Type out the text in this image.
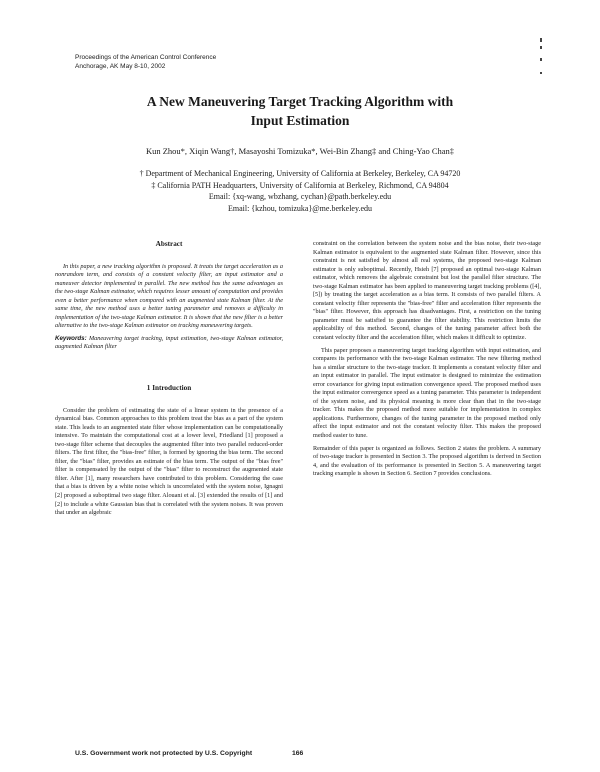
Proceedings of the American Control Conference
Anchorage, AK May 8-10, 2002
A New Maneuvering Target Tracking Algorithm with
Input Estimation
Kun Zhou*, Xiqin Wang†, Masayoshi Tomizuka*, Wei-Bin Zhang‡ and Ching-Yao Chan‡
† Department of Mechanical Engineering, University of California at Berkeley, Berkeley, CA 94720
‡ California PATH Headquarters, University of California at Berkeley, Richmond, CA 94804
Email: {xq-wang, wbzhang, cychan}@path.berkeley.edu
Email: {kzhou, tomizuka}@me.berkeley.edu
Abstract

In this paper, a new tracking algorithm is proposed. It treats the target acceleration as a nonrandom term, and consists of a constant velocity filter, an input estimator and a maneuver detector implemented in parallel. The new method has the same advantages as the two-stage Kalman estimator, which requires lesser amount of computation and provides even a better performance when compared with an augmented state Kalman filter. At the same time, the new method uses a better tuning parameter and removes a difficulty in implementation of the two-stage Kalman estimator. It is shown that the new filter is a better alternative to the two-stage Kalman estimator on tracking maneuvering targets.

Keywords: Maneuvering target tracking, input estimation, two-stage Kalman estimator, augmented Kalman filter

1 Introduction

Consider the problem of estimating the state of a linear system in the presence of a dynamical bias. Common approaches to this problem treat the bias as a part of the system state. This leads to an augmented state filter whose implementation can be computationally intensive. To maintain the computational cost at a lower level, Friedland [1] proposed a two-stage filter scheme that decouples the augmented filter into two parallel reduced-order filters. The first filter, the "bias-free" filter, is formed by ignoring the bias term. The second filter, the "bias" filter, provides an estimate of the bias term. The output of the "bias free" filter is compensated by the output of the "bias" filter to reconstruct the augmented state filter. After [1], many researchers have contributed to this problem. Considering the case that a bias is driven by a white noise which is uncorrelated with the system noise, Ignagni [2] proposed a suboptimal two stage filter. Alouani et al. [3] extended the results of [1] and [2] to include a white Gaussian bias that is correlated with the system noises. It was proven that under an algebraic

constraint on the correlation between the system noise and the bias noise, their two-stage Kalman estimator is equivalent to the augmented state Kalman filter. However, since this constraint is not satisfied by almost all real systems, the proposed two-stage Kalman estimator is only suboptimal. Recently, Hsieh [7] proposed an optimal two-stage Kalman estimator, which removes the algebraic constraint but lost the parallel filter structure. The two-stage Kalman estimator has been applied to maneuvering target tracking problems ([4], [5]) by treating the target acceleration as a bias term. It consists of two parallel filters. A constant velocity filter represents the "bias-free" filter and acceleration filter represents the "bias" filter. However, this approach has disadvantages. First, a restriction on the tuning parameter must be satisfied to guarantee the filter stability. This restriction limits the applicability of this method. Second, changes of the tuning parameter affect both the constant velocity filter and the acceleration filter, which makes it difficult to optimize.

This paper proposes a maneuvering target tracking algorithm with input estimation, and compares its performance with the two-stage Kalman estimator. The new filtering method has a similar structure to the two-stage tracker. It implements a constant velocity filter and an input estimator in parallel. The input estimator is designed to minimize the estimation error covariance for giving input estimation convergence speed. The proposed method uses the input estimator convergence speed as a tuning parameter. This parameter is independent of the system noise, and its physical meaning is more clear than that in the two-stage tracker. This makes the proposed method more suitable for implementation in complex applications. Furthermore, changes of the tuning parameter in the proposed method only affect the input estimator and not the constant velocity filter. This makes the proposed method easier to tune.

Remainder of this paper is organized as follows. Section 2 states the problem. A summary of two-stage tracker is presented in Section 3. The proposed algorithm is derived in Section 4, and the evaluation of its performance is presented in Section 5. A maneuvering target tracking example is shown in Section 6. Section 7 provides conclusions.

U.S. Government work not protected by U.S. Copyright	166
